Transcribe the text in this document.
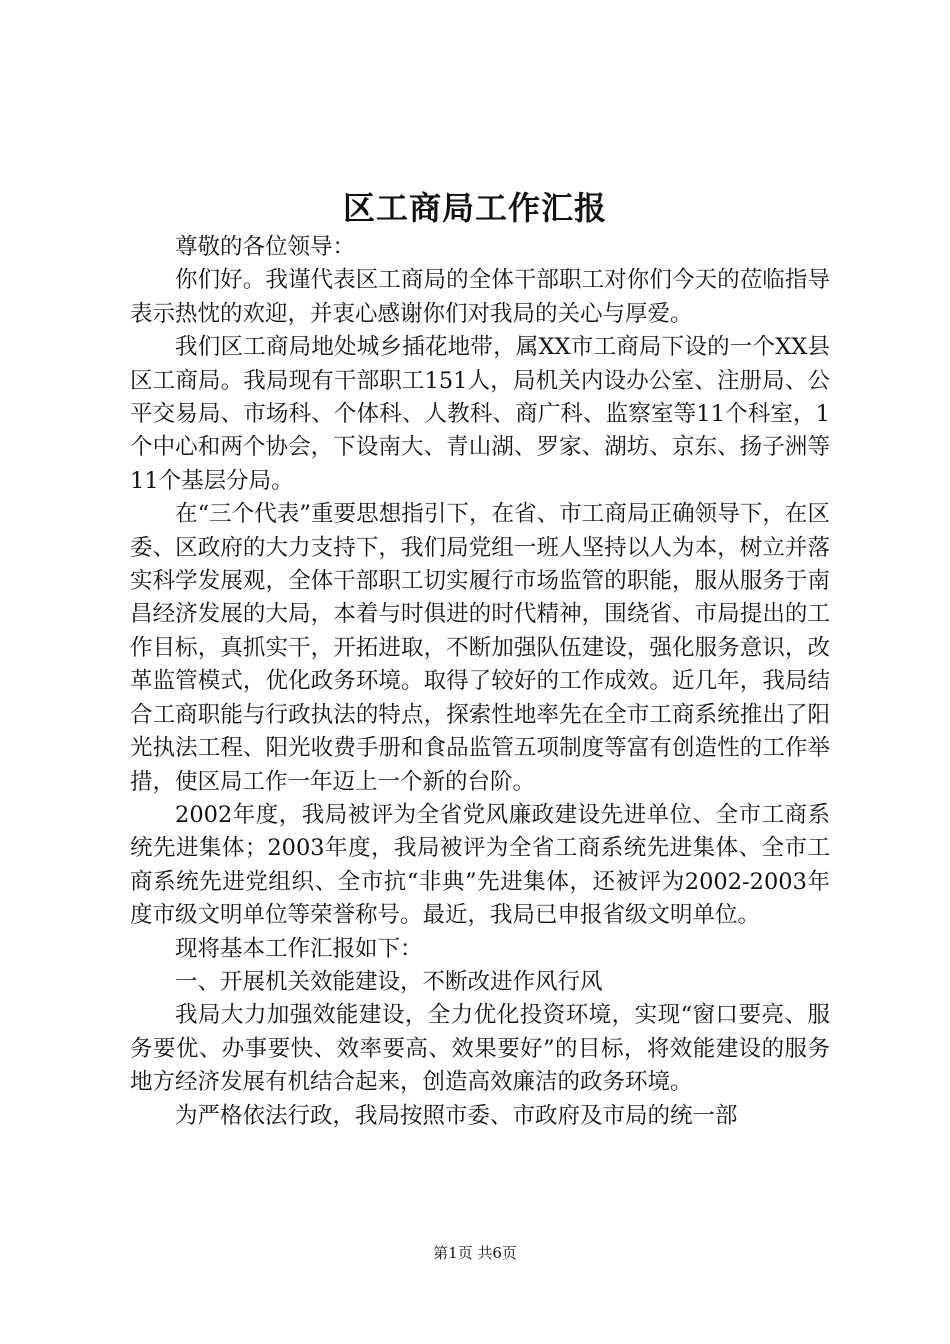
区工商局工作汇报

尊敬的各位领导：

你们好。我谨代表区工商局的全体干部职工对你们今天的莅临指导表示热忱的欢迎，并衷心感谢你们对我局的关心与厚爱。

我们区工商局地处城乡插花地带，属XX市工商局下设的一个XX县区工商局。我局现有干部职工151人，局机关内设办公室、注册局、公平交易局、市场科、个体科、人教科、商广科、监察室等11个科室，1个中心和两个协会，下设南大、青山湖、罗家、湖坊、京东、扬子洲等11个基层分局。

在“三个代表”重要思想指引下，在省、市工商局正确领导下，在区委、区政府的大力支持下，我们局党组一班人坚持以人为本，树立并落实科学发展观，全体干部职工切实履行市场监管的职能，服从服务于南昌经济发展的大局，本着与时俱进的时代精神，围绕省、市局提出的工作目标，真抓实干，开拓进取，不断加强队伍建设，强化服务意识，改革监管模式，优化政务环境。取得了较好的工作成效。近几年，我局结合工商职能与行政执法的特点，探索性地率先在全市工商系统推出了阳光执法工程、阳光收费手册和食品监管五项制度等富有创造性的工作举措，使区局工作一年迈上一个新的台阶。

2002年度，我局被评为全省党风廉政建设先进单位、全市工商系统先进集体；2003年度，我局被评为全省工商系统先进集体、全市工商系统先进党组织、全市抗“非典”先进集体，还被评为2002-2003年度市级文明单位等荣誉称号。最近，我局已申报省级文明单位。

现将基本工作汇报如下：

一、开展机关效能建设，不断改进作风行风

我局大力加强效能建设，全力优化投资环境，实现“窗口要亮、服务要优、办事要快、效率要高、效果要好”的目标，将效能建设的服务地方经济发展有机结合起来，创造高效廉洁的政务环境。

为严格依法行政，我局按照市委、市政府及市局的统一部

第1页 共6页
